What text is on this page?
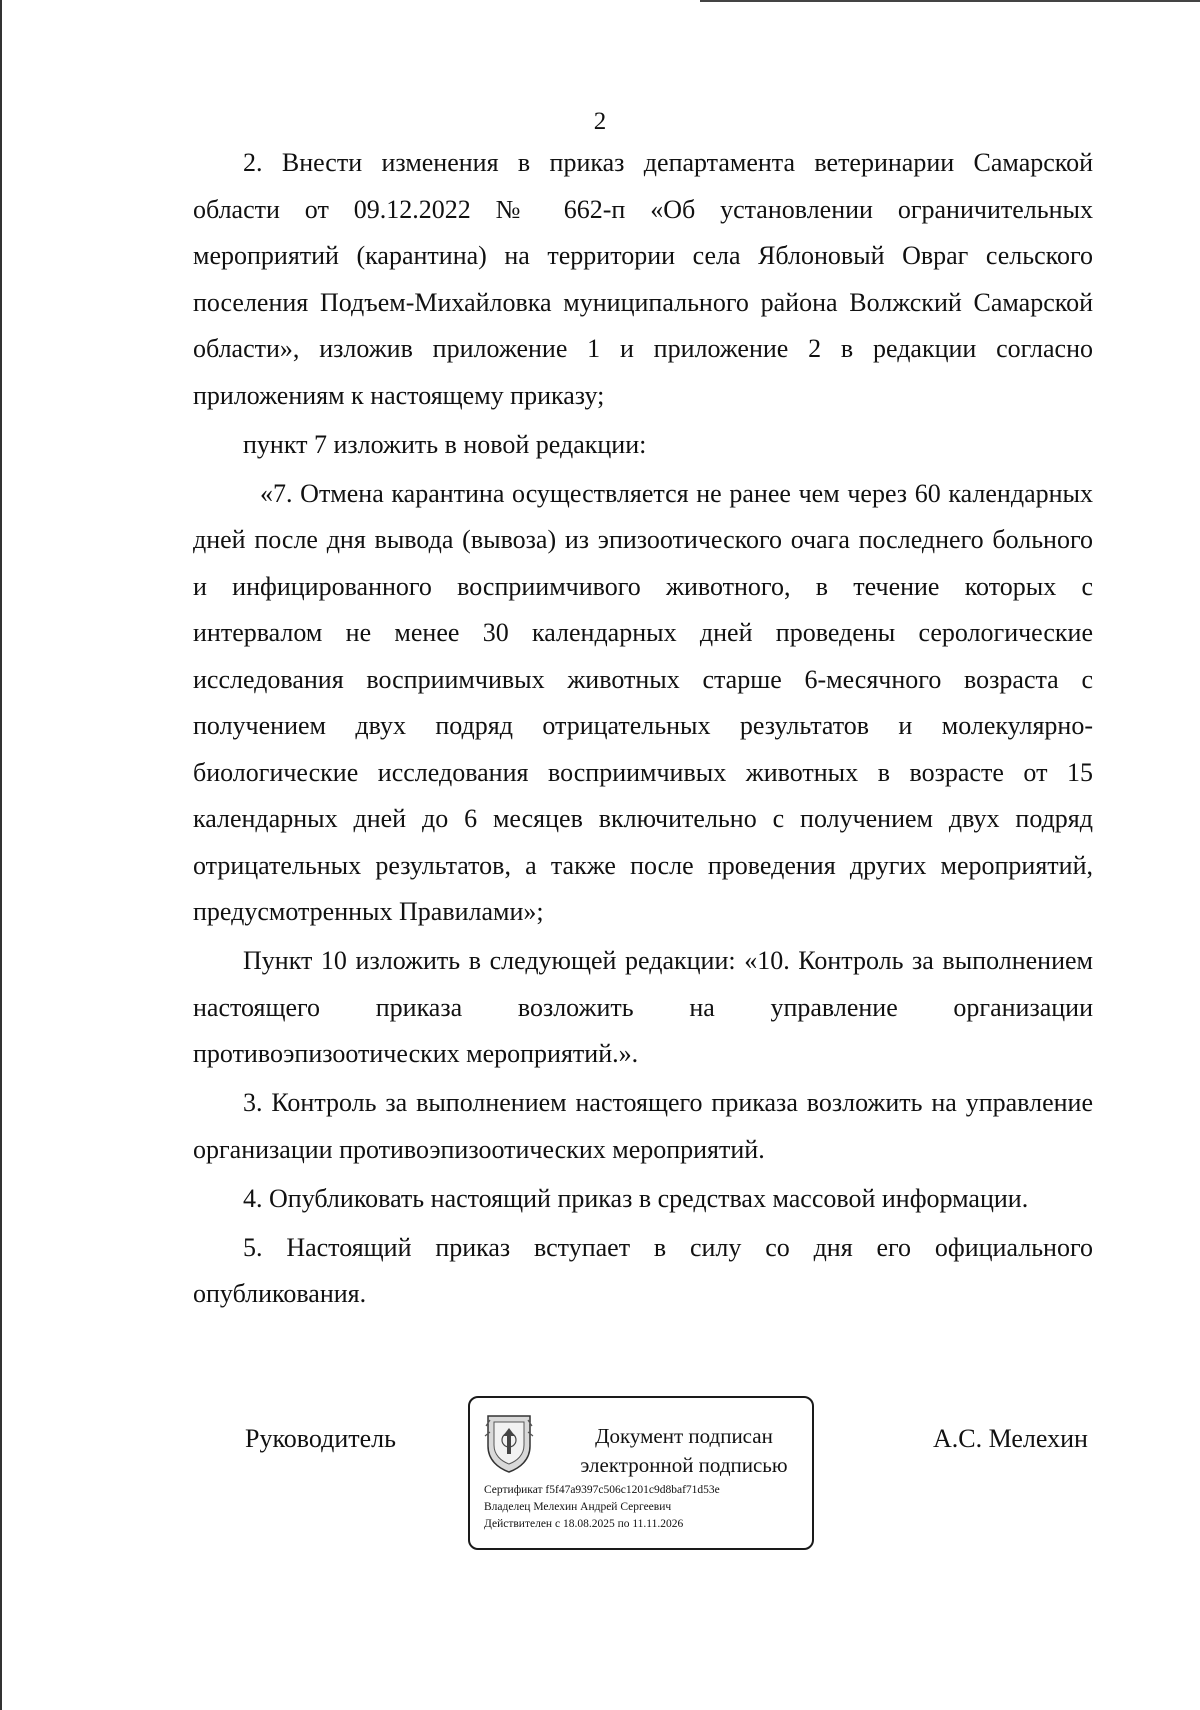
2

2. Внести изменения в приказ департамента ветеринарии Самарской области от 09.12.2022 № 662-п «Об установлении ограничительных мероприятий (карантина) на территории села Яблоновый Овраг сельского поселения Подъем-Михайловка муниципального района Волжский Самарской области», изложив приложение 1 и приложение 2 в редакции согласно приложениям к настоящему приказу;

пункт 7 изложить в новой редакции:

«7. Отмена карантина осуществляется не ранее чем через 60 календарных дней после дня вывода (вывоза) из эпизоотического очага последнего больного и инфицированного восприимчивого животного, в течение которых с интервалом не менее 30 календарных дней проведены серологические исследования восприимчивых животных старше 6-месячного возраста с получением двух подряд отрицательных результатов и молекулярно-биологические исследования восприимчивых животных в возрасте от 15 календарных дней до 6 месяцев включительно с получением двух подряд отрицательных результатов, а также после проведения других мероприятий, предусмотренных Правилами»;

Пункт 10 изложить в следующей редакции: «10. Контроль за выполнением настоящего приказа возложить на управление организации противоэпизоотических мероприятий.».

3. Контроль за выполнением настоящего приказа возложить на управление организации противоэпизоотических мероприятий.

4. Опубликовать настоящий приказ в средствах массовой информации.

5. Настоящий приказ вступает в силу со дня его официального опубликования.

Руководитель	Документ подписан электронной подписью
Сертификат f5f47a9397c506c1201c9d8baf71d53e
Владелец Мелехин Андрей Сергеевич
Действителен с 18.08.2025 по 11.11.2026
А.С. Мелехин
